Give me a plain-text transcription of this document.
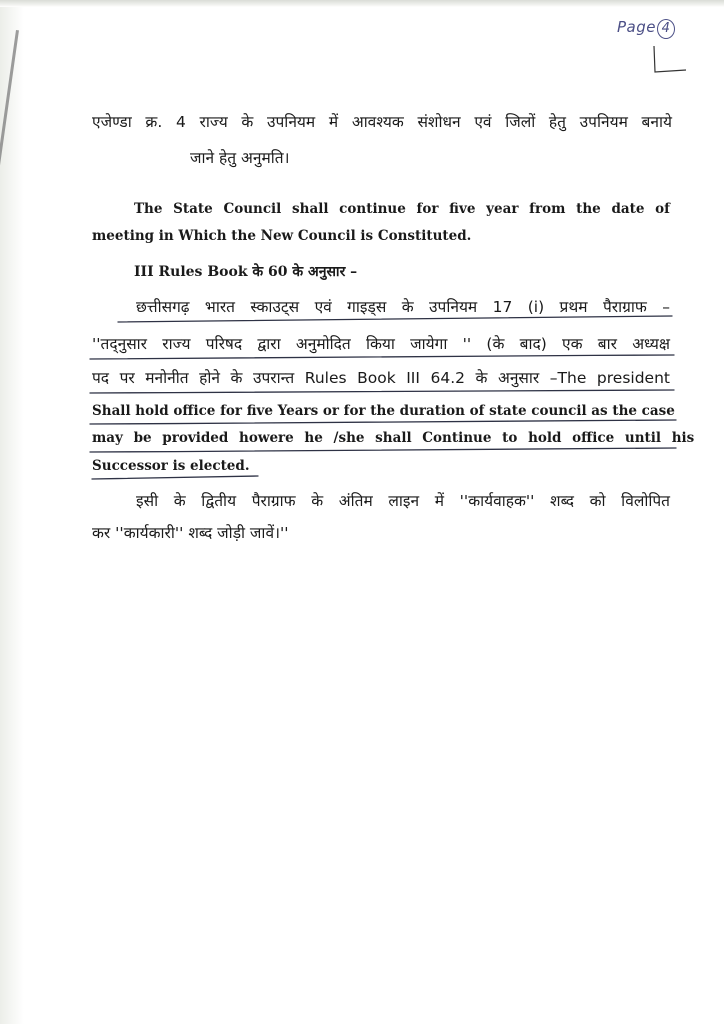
Page 4
एजेण्डा क्र. 4 राज्य के उपनियम में आवश्यक संशोधन एवं जिलों हेतु उपनियम बनाये
जाने हेतु अनुमति।
The State Council shall continue for five year from the date of
meeting in Which the New Council is Constituted.
III Rules Book के 60 के अनुसार –
छत्तीसगढ़ भारत स्काउट्स एवं गाइड्स के उपनियम 17 (i) प्रथम पैराग्राफ –
''तद्नुसार राज्य परिषद द्वारा अनुमोदित किया जायेगा '' (के बाद) एक बार अध्यक्ष
पद पर मनोनीत होने के उपरान्त Rules Book III 64.2 के अनुसार –The president
Shall hold office for five Years or for the duration of state council as the case
may be provided howere he /she shall Continue to hold office until his
Successor is elected.
इसी के द्वितीय पैराग्राफ के अंतिम लाइन में ''कार्यवाहक'' शब्द को विलोपित
कर ''कार्यकारी'' शब्द जोड़ी जावें।''
